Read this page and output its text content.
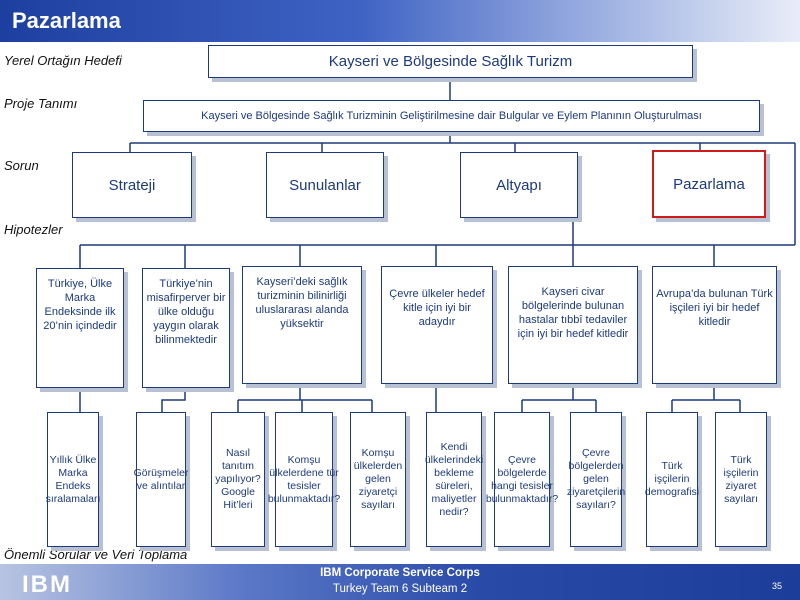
Pazarlama
Yerel Ortağın Hedefi
Proje Tanımı
Sorun
Hipotezler
Önemli Sorular ve Veri Toplama
Kayseri ve Bölgesinde Sağlık Turizm
Kayseri ve Bölgesinde Sağlık Turizminin Geliştirilmesine dair Bulgular ve Eylem Planının Oluşturulması
Strateji	Sunulanlar	Altyapı	Pazarlama
Türkiye, Ülke Marka Endeksinde ilk 20’nin içindedir
Türkiye’nin misafirperver bir ülke olduğu yaygın olarak bilinmektedir
Kayseri’deki sağlık turizminin bilinirliği uluslararası alanda yüksektir
Çevre ülkeler hedef kitle için iyi bir adaydır
Kayseri civar bölgelerinde bulunan hastalar tıbbî tedaviler için iyi bir hedef kitledir
Avrupa’da bulunan Türk işçileri iyi bir hedef kitledir
Yıllık Ülke Marka Endeks sıralamaları
Görüşmeler ve alıntılar
Nasıl tanıtım yapılıyor? Google Hit’leri
Komşu ülkelerdene tür tesisler bulunmaktadır?
Komşu ülkelerden gelen ziyaretçi sayıları
Kendi ülkelerindeki bekleme süreleri, maliyetler nedir?
Çevre bölgelerde hangi tesisler bulunmaktadır?
Çevre bölgelerden gelen ziyaretçilerin sayıları?
Türk işçilerin demografisi
Türk işçilerin ziyaret sayıları
IBM	IBM Corporate Service Corps
Turkey Team 6 Subteam 2	35
